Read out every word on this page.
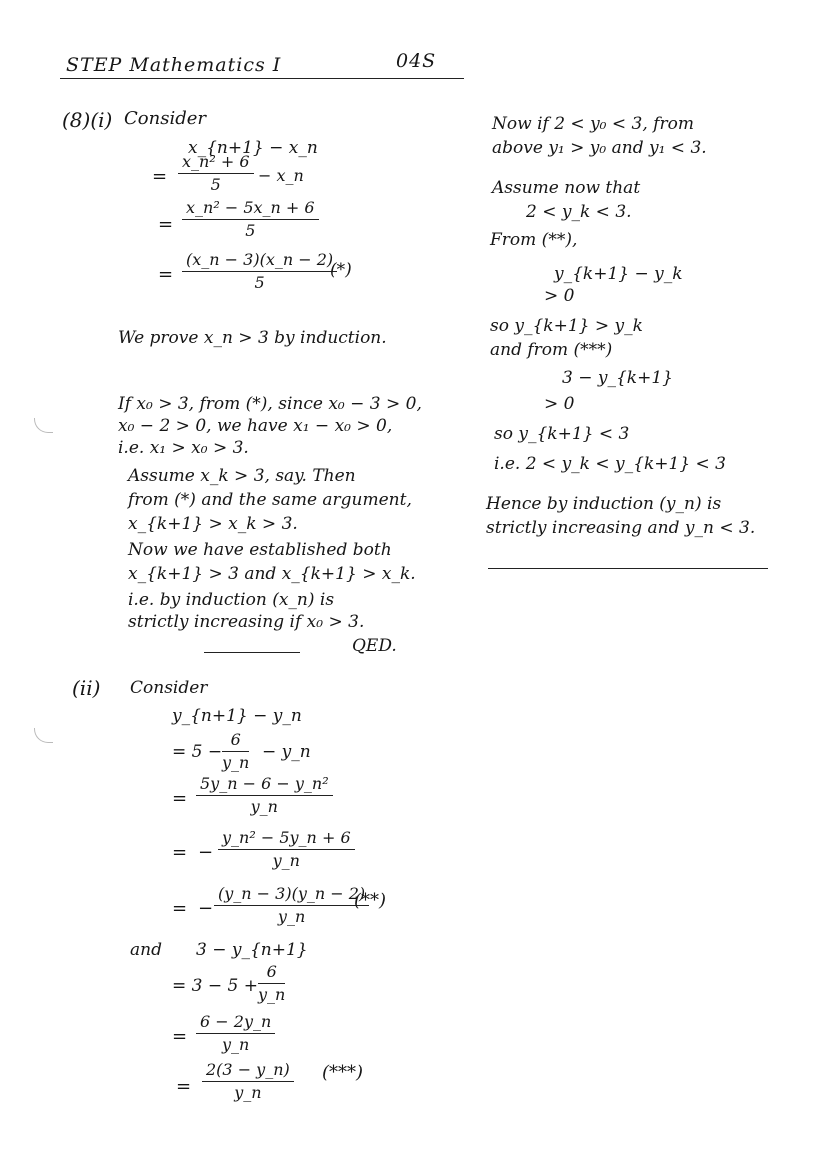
STEP Mathematics I	04S
(8)(i) Consider
x_{n+1} − x_n
= $\frac{\text{x\_n² + 6}}{5}$ − x_n
= $\frac{\text{x\_n² − 5x\_n + 6}}{5}$
= $\frac{(x\_n - 3)(x\_n - 2)}{5}$
(*)
We prove x_n > 3 by induction.
If x₀ > 3, from (*), since x₀ − 3 > 0,
x₀ − 2 > 0, we have x₁ − x₀ > 0,
i.e. x₁ > x₀ > 3.
Assume x_k > 3, say. Then
from (*) and the same argument,
x_{k+1} > x_k > 3.
Now we have established both
x_{k+1} > 3 and x_{k+1} > x_k.
i.e. by induction (x_n) is
strictly increasing if x₀ > 3.
QED.
(ii) Consider
y_{n+1} − y_n
= $5 - \frac{6}{y\_n}$ − y_n
= $\frac{\text{5y\_n − 6 − y\_n²}}{y\_n}$
= − $\frac{\text{y\_n² − 5y\_n + 6}}{y\_n}$
= − $\frac{(y\_n - 3)(y\_n - 2)}{y\_n}$
(**)
and 3 − y_{n+1}
= $3 - 5 + \frac{6}{y\_n}$
= $\frac{6 - 2y\_n}{y\_n}$
= $\frac{2(3 - y\_n)}{y\_n}$ (***)
Now if 2 < y₀ < 3, from
above y₁ > y₀ and y₁ < 3.
Assume now that
2 < y_k < 3.
From (**),
y_{k+1} − y_k
> 0
so y_{k+1} > y_k
and from (***)
3 − y_{k+1}
> 0
so y_{k+1} < 3
i.e. 2 < y_k < y_{k+1} < 3
Hence by induction (y_n) is
strictly increasing and y_n < 3.
